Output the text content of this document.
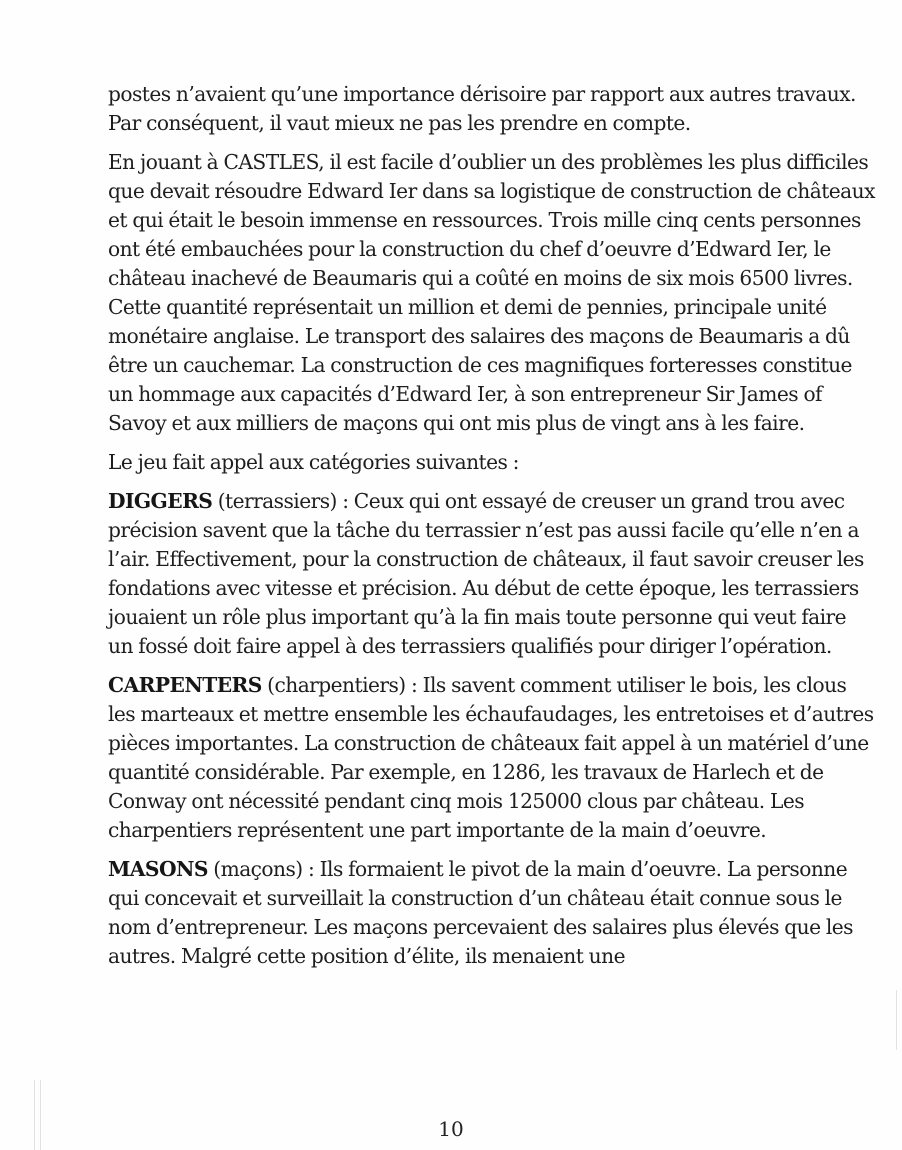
postes n’avaient qu’une importance dérisoire par rapport aux autres travaux. Par conséquent, il vaut mieux ne pas les prendre en compte.

En jouant à CASTLES, il est facile d’oublier un des problèmes les plus difficiles que devait résoudre Edward Ier dans sa logistique de construction de châteaux et qui était le besoin immense en ressources. Trois mille cinq cents personnes ont été embauchées pour la construction du chef d’oeuvre d’Edward Ier, le château inachevé de Beaumaris qui a coûté en moins de six mois 6500 livres. Cette quantité représentait un million et demi de pennies, principale unité monétaire anglaise. Le transport des salaires des maçons de Beaumaris a dû être un cauchemar. La construction de ces magnifiques forteresses constitue un hommage aux capacités d’Edward Ier, à son entrepreneur Sir James of Savoy et aux milliers de maçons qui ont mis plus de vingt ans à les faire.

Le jeu fait appel aux catégories suivantes :

DIGGERS (terrassiers) : Ceux qui ont essayé de creuser un grand trou avec précision savent que la tâche du terrassier n’est pas aussi facile qu’elle n’en a l’air. Effectivement, pour la construction de châteaux, il faut savoir creuser les fondations avec vitesse et précision. Au début de cette époque, les terrassiers jouaient un rôle plus important qu’à la fin mais toute personne qui veut faire un fossé doit faire appel à des terrassiers qualifiés pour diriger l’opération.

CARPENTERS (charpentiers) : Ils savent comment utiliser le bois, les clous les marteaux et mettre ensemble les échaufaudages, les entretoises et d’autres pièces importantes. La construction de châteaux fait appel à un matériel d’une quantité considérable. Par exemple, en 1286, les travaux de Harlech et de Conway ont nécessité pendant cinq mois 125000 clous par château. Les charpentiers représentent une part importante de la main d’oeuvre.

MASONS (maçons) : Ils formaient le pivot de la main d’oeuvre. La personne qui concevait et surveillait la construction d’un château était connue sous le nom d’entrepreneur. Les maçons percevaient des salaires plus élevés que les autres. Malgré cette position d’élite, ils menaient une

10
